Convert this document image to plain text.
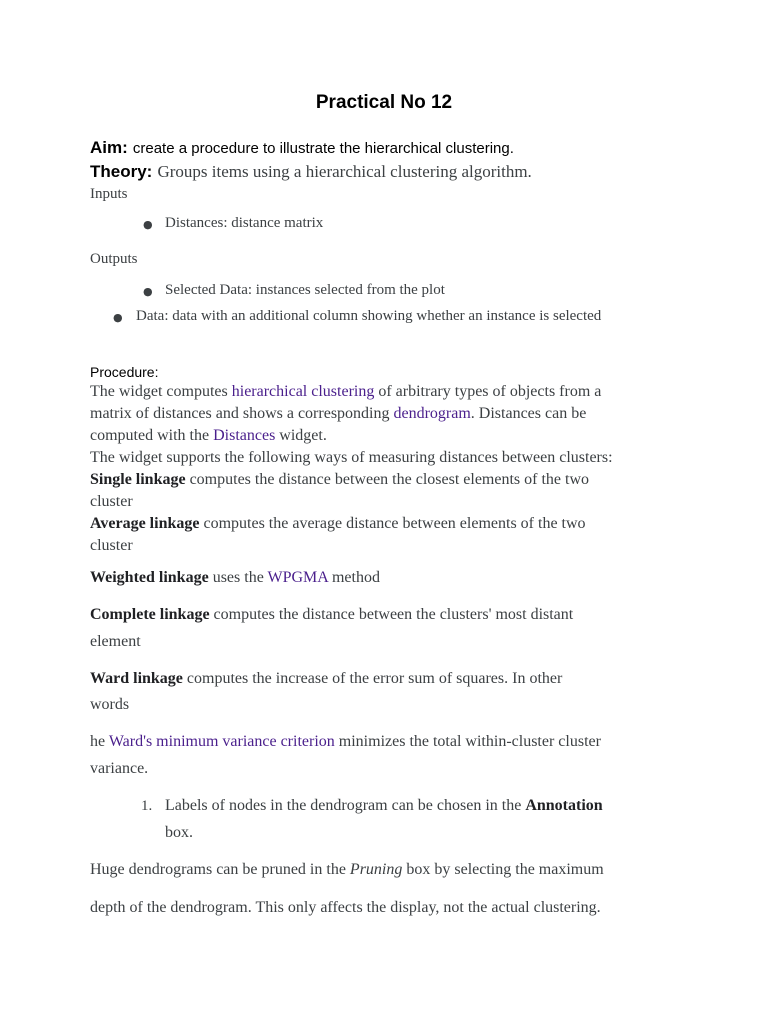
Practical No 12
Aim: create a procedure to illustrate the hierarchical clustering.
Theory: Groups items using a hierarchical clustering algorithm.
Inputs
● Distances: distance matrix
Outputs
● Selected Data: instances selected from the plot
● Data: data with an additional column showing whether an instance is selected
Procedure:
The widget computes hierarchical clustering of arbitrary types of objects from a
matrix of distances and shows a corresponding dendrogram. Distances can be
computed with the Distances widget.
The widget supports the following ways of measuring distances between clusters:
Single linkage computes the distance between the closest elements of the two
cluster
Average linkage computes the average distance between elements of the two
cluster
Weighted linkage uses the WPGMA method
Complete linkage computes the distance between the clusters' most distant
element
Ward linkage computes the increase of the error sum of squares. In other
words
he Ward's minimum variance criterion minimizes the total within-cluster cluster
variance.
1. Labels of nodes in the dendrogram can be chosen in the Annotation
box.
Huge dendrograms can be pruned in the Pruning box by selecting the maximum
depth of the dendrogram. This only affects the display, not the actual clustering.
